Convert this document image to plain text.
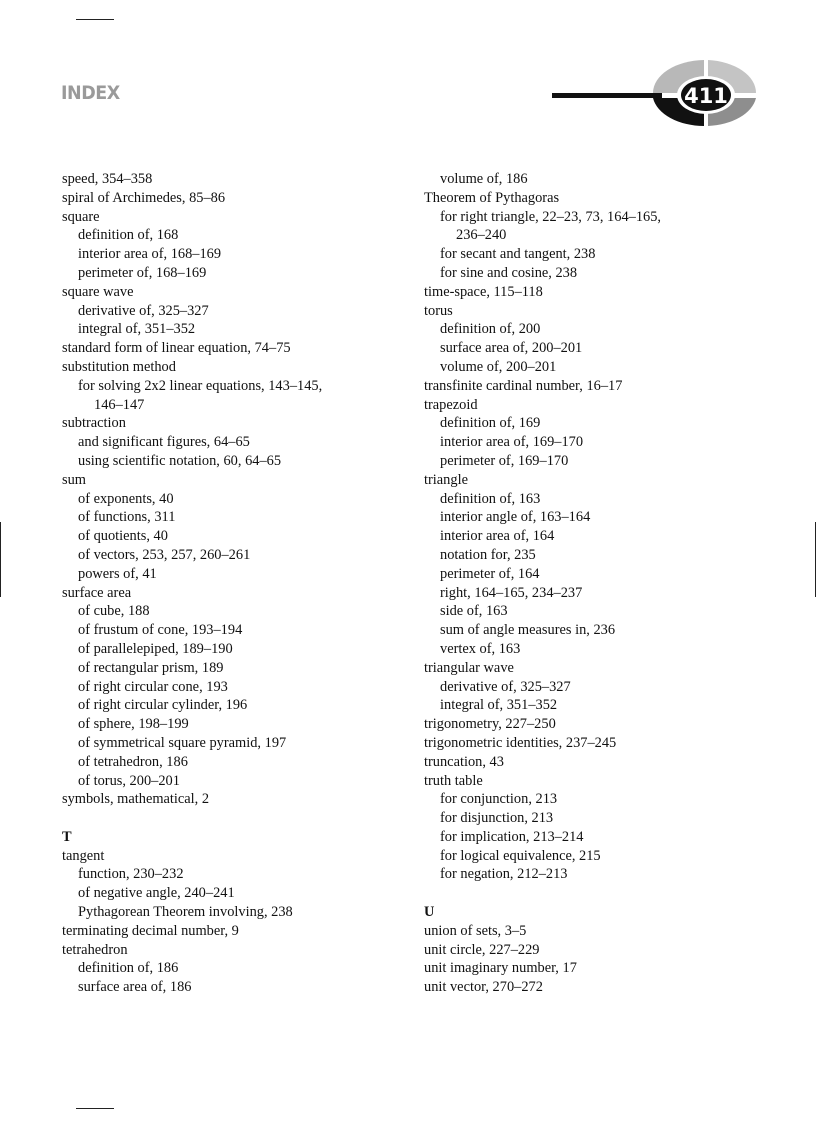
INDEX	411
speed, 354–358
spiral of Archimedes, 85–86
square
definition of, 168
interior area of, 168–169
perimeter of, 168–169
square wave
derivative of, 325–327
integral of, 351–352
standard form of linear equation, 74–75
substitution method
for solving 2x2 linear equations, 143–145,
146–147
subtraction
and significant figures, 64–65
using scientific notation, 60, 64–65
sum
of exponents, 40
of functions, 311
of quotients, 40
of vectors, 253, 257, 260–261
powers of, 41
surface area
of cube, 188
of frustum of cone, 193–194
of parallelepiped, 189–190
of rectangular prism, 189
of right circular cone, 193
of right circular cylinder, 196
of sphere, 198–199
of symmetrical square pyramid, 197
of tetrahedron, 186
of torus, 200–201
symbols, mathematical, 2
T
tangent
function, 230–232
of negative angle, 240–241
Pythagorean Theorem involving, 238
terminating decimal number, 9
tetrahedron
definition of, 186
surface area of, 186
volume of, 186
Theorem of Pythagoras
for right triangle, 22–23, 73, 164–165,
236–240
for secant and tangent, 238
for sine and cosine, 238
time-space, 115–118
torus
definition of, 200
surface area of, 200–201
volume of, 200–201
transfinite cardinal number, 16–17
trapezoid
definition of, 169
interior area of, 169–170
perimeter of, 169–170
triangle
definition of, 163
interior angle of, 163–164
interior area of, 164
notation for, 235
perimeter of, 164
right, 164–165, 234–237
side of, 163
sum of angle measures in, 236
vertex of, 163
triangular wave
derivative of, 325–327
integral of, 351–352
trigonometry, 227–250
trigonometric identities, 237–245
truncation, 43
truth table
for conjunction, 213
for disjunction, 213
for implication, 213–214
for logical equivalence, 215
for negation, 212–213
U
union of sets, 3–5
unit circle, 227–229
unit imaginary number, 17
unit vector, 270–272
